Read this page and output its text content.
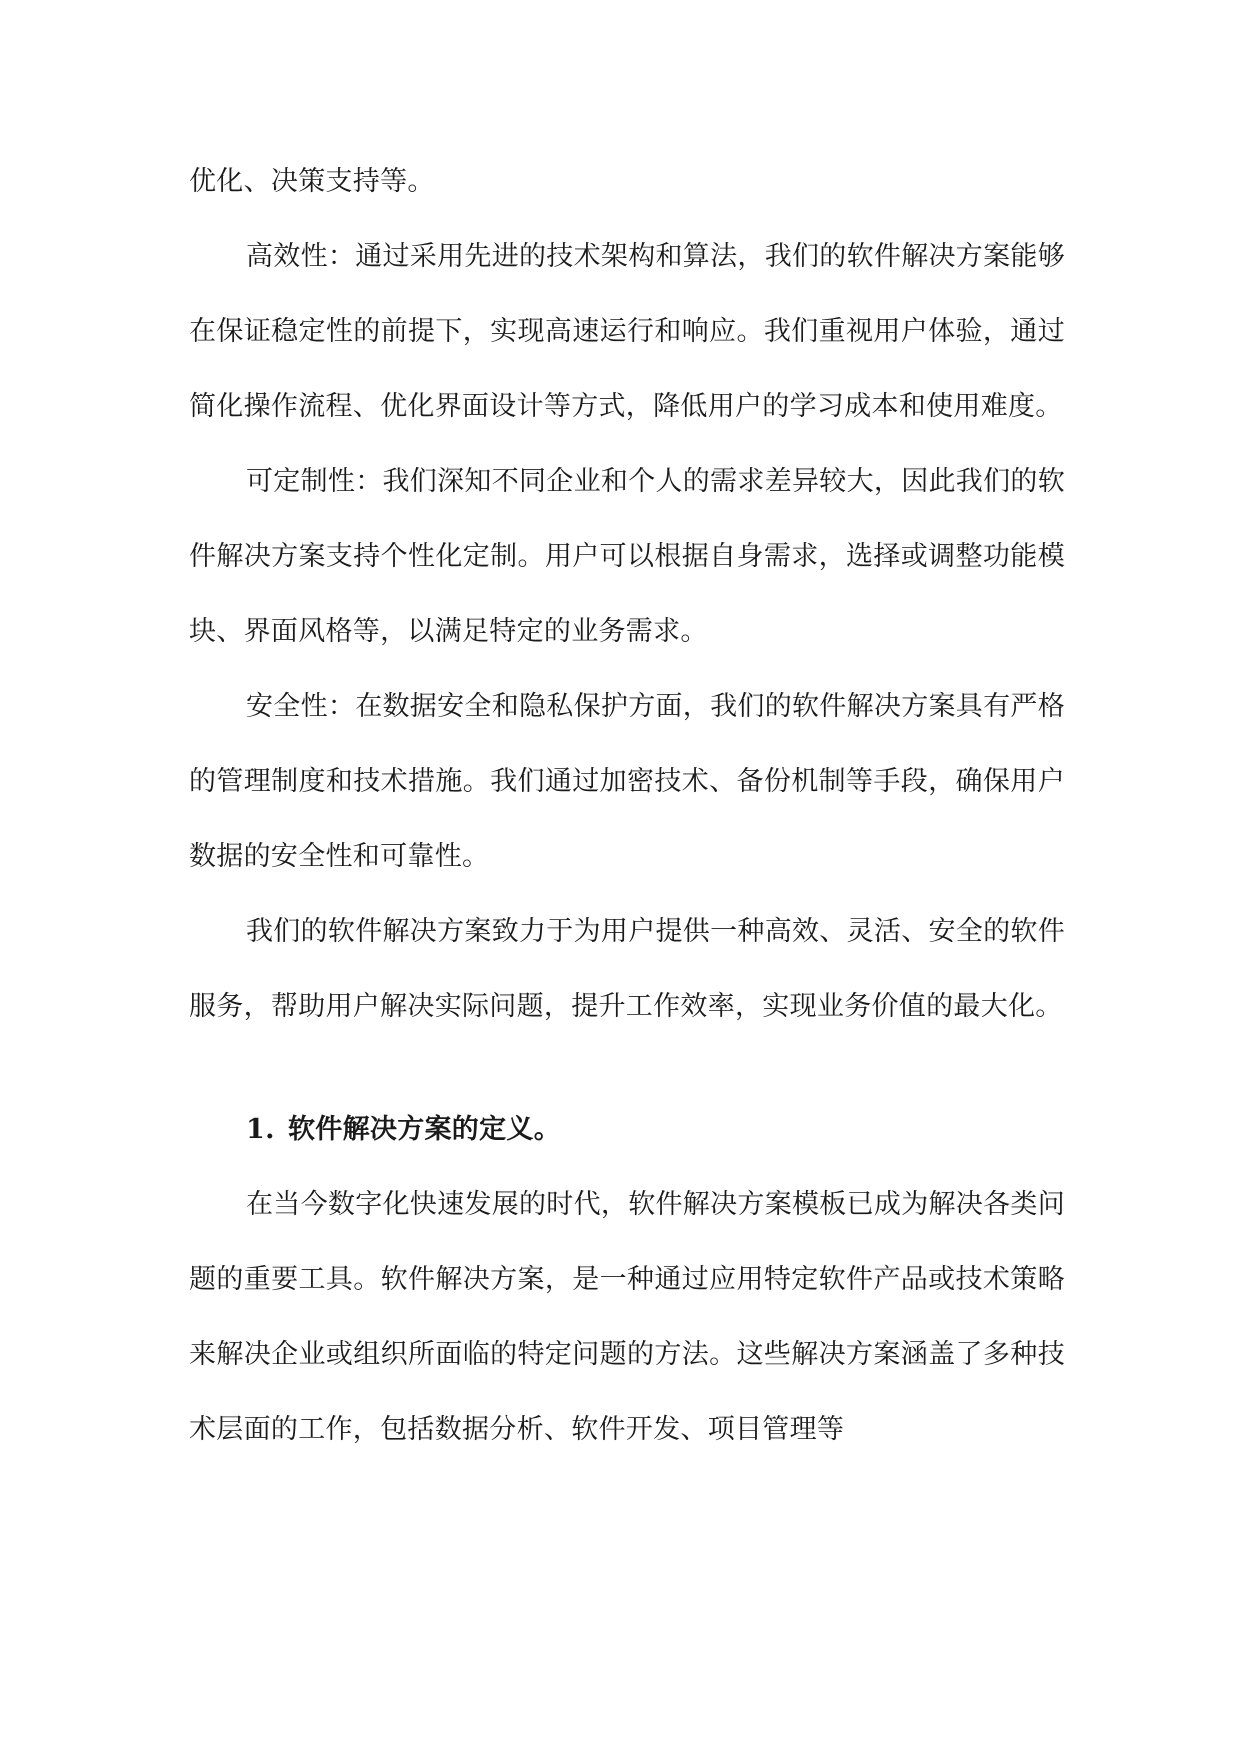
优化、决策支持等。

高效性：通过采用先进的技术架构和算法，我们的软件解决方案能够在保证稳定性的前提下，实现高速运行和响应。我们重视用户体验，通过简化操作流程、优化界面设计等方式，降低用户的学习成本和使用难度。

可定制性：我们深知不同企业和个人的需求差异较大，因此我们的软件解决方案支持个性化定制。用户可以根据自身需求，选择或调整功能模块、界面风格等，以满足特定的业务需求。

安全性：在数据安全和隐私保护方面，我们的软件解决方案具有严格的管理制度和技术措施。我们通过加密技术、备份机制等手段，确保用户数据的安全性和可靠性。

我们的软件解决方案致力于为用户提供一种高效、灵活、安全的软件服务，帮助用户解决实际问题，提升工作效率，实现业务价值的最大化。

1. 软件解决方案的定义。

在当今数字化快速发展的时代，软件解决方案模板已成为解决各类问题的重要工具。软件解决方案，是一种通过应用特定软件产品或技术策略来解决企业或组织所面临的特定问题的方法。这些解决方案涵盖了多种技术层面的工作，包括数据分析、软件开发、项目管理等
